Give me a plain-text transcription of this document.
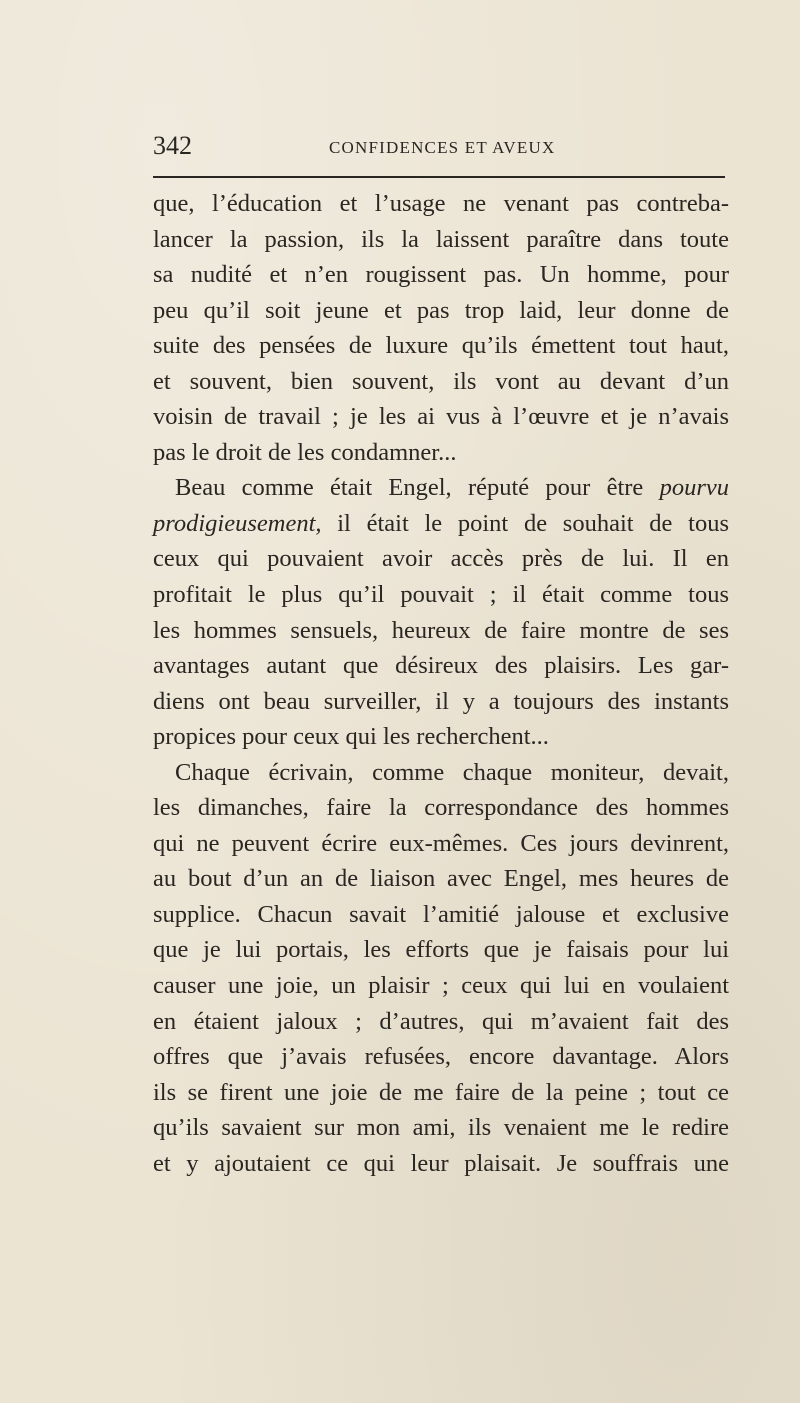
342	CONFIDENCES ET AVEUX
que, l’éducation et l’usage ne venant pas contreba-
lancer la passion, ils la laissent paraître dans toute
sa nudité et n’en rougissent pas. Un homme, pour
peu qu’il soit jeune et pas trop laid, leur donne de
suite des pensées de luxure qu’ils émettent tout haut,
et souvent, bien souvent, ils vont au devant d’un
voisin de travail ; je les ai vus à l’œuvre et je n’avais
pas le droit de les condamner...
Beau comme était Engel, réputé pour être pourvu
prodigieusement, il était le point de souhait de tous
ceux qui pouvaient avoir accès près de lui. Il en
profitait le plus qu’il pouvait ; il était comme tous
les hommes sensuels, heureux de faire montre de ses
avantages autant que désireux des plaisirs. Les gar-
diens ont beau surveiller, il y a toujours des instants
propices pour ceux qui les recherchent...
Chaque écrivain, comme chaque moniteur, devait,
les dimanches, faire la correspondance des hommes
qui ne peuvent écrire eux-mêmes. Ces jours devinrent,
au bout d’un an de liaison avec Engel, mes heures de
supplice. Chacun savait l’amitié jalouse et exclusive
que je lui portais, les efforts que je faisais pour lui
causer une joie, un plaisir ; ceux qui lui en voulaient
en étaient jaloux ; d’autres, qui m’avaient fait des
offres que j’avais refusées, encore davantage. Alors
ils se firent une joie de me faire de la peine ; tout ce
qu’ils savaient sur mon ami, ils venaient me le redire
et y ajoutaient ce qui leur plaisait. Je souffrais une
